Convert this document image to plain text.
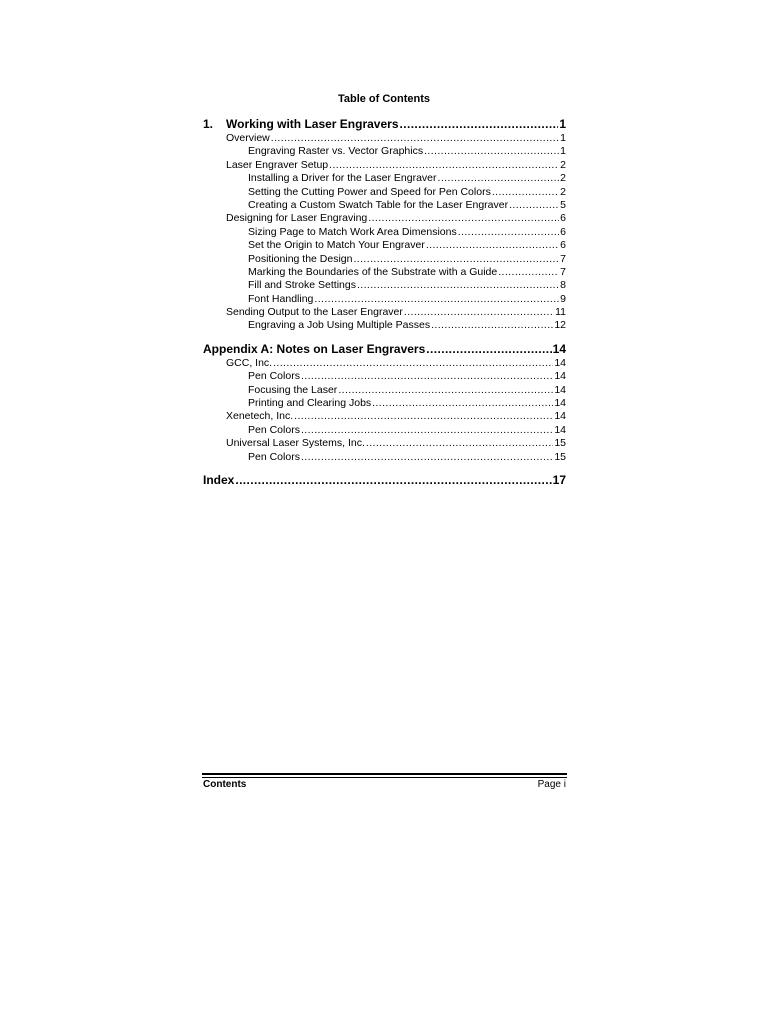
Table of Contents
1.	Working with Laser Engravers .....	1
Overview .....	1
Engraving Raster vs. Vector Graphics .....	1
Laser Engraver Setup .....	2
Installing a Driver for the Laser Engraver .....	2
Setting the Cutting Power and Speed for Pen Colors .....	2
Creating a Custom Swatch Table for the Laser Engraver .....	5
Designing for Laser Engraving .....	6
Sizing Page to Match Work Area Dimensions .....	6
Set the Origin to Match Your Engraver .....	6
Positioning the Design .....	7
Marking the Boundaries of the Substrate with a Guide .....	7
Fill and Stroke Settings .....	8
Font Handling .....	9
Sending Output to the Laser Engraver .....	11
Engraving a Job Using Multiple Passes .....	12
Appendix A: Notes on Laser Engravers .....	14
GCC, Inc. .....	14
Pen Colors .....	14
Focusing the Laser .....	14
Printing and Clearing Jobs .....	14
Xenetech, Inc. .....	14
Pen Colors .....	14
Universal Laser Systems, Inc. .....	15
Pen Colors .....	15
Index .....	17
Contents	Page i
